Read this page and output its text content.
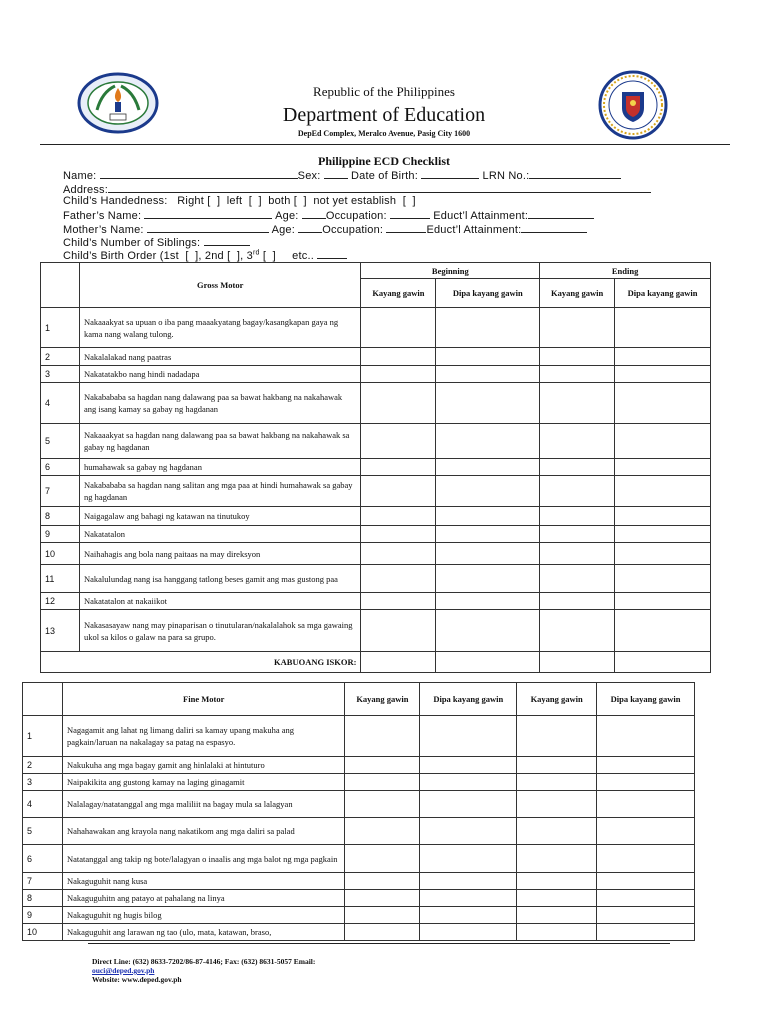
Republic of the Philippines
Department of Education
DepEd Complex, Meralco Avenue, Pasig City 1600
Philippine ECD Checklist
Name:	Sex:	Date of Birth:	LRN No.:
Address:
Child’s Handedness: Right [  ] left  [  ] both [  ] not yet establish  [  ]
Father’s Name:	Age: Occupation:	Educt’l Attainment:
Mother’s Name:	Age: Occupation:	Educt’l Attainment:
Child’s Number of Siblings:
Child’s Birth Order (1st  [  ], 2nd [  ], 3rd [  ] etc..
	Gross Motor	Beginning		Ending	
		Kayang gawin	Dipa kayang gawin	Kayang gawin	Dipa kayang gawin
1	Nakaaakyat sa upuan o iba pang maaakyatang bagay/kasangkapan gaya ng kama nang walang tulong.				
2	Nakalalakad nang paatras				
3	Nakatatakbo nang hindi nadadapa				
4	Nakabababa sa hagdan nang dalawang paa sa bawat hakbang na nakahawak ang isang kamay sa gabay ng hagdanan				
5	Nakaaakyat sa hagdan nang dalawang paa sa bawat hakbang na nakahawak sa gabay ng hagdanan				
6	humahawak sa gabay ng hagdanan				
7	Nakabababa sa hagdan nang salitan ang mga paa at hindi humahawak sa gabay ng hagdanan				
8	Naigagalaw ang bahagi ng katawan na tinutukoy				
9	Nakatatalon				
10	Naihahagis ang bola nang paitaas na may direksyon				
11	Nakalulundag nang isa hanggang tatlong beses gamit ang mas gustong paa				
12	Nakatatalon at nakaiikot				
13	Nakasasayaw nang may pinaparisan o tinutularan/nakalalahok sa mga gawaing ukol sa kilos o galaw na para sa grupo.				
KABUOANG ISKOR:					
	Fine Motor	Kayang gawin	Dipa kayang gawin	Kayang gawin	Dipa kayang gawin
1	Nagagamit ang lahat ng limang daliri sa kamay upang makuha ang pagkain/laruan na nakalagay sa patag na espasyo.				
2	Nakukuha ang mga bagay gamit ang hinlalaki at hintuturo				
3	Naipakikita ang gustong kamay na laging ginagamit				
4	Nalalagay/natatanggal ang mga maliliit na bagay mula sa lalagyan				
5	Nahahawakan ang krayola nang nakatikom ang mga daliri sa palad				
6	Natatanggal ang takip ng bote/lalagyan o inaalis ang mga balot ng mga pagkain				
7	Nakaguguhit nang kusa				
8	Nakaguguhitn ang patayo at pahalang na linya				
9	Nakaguguhit ng hugis bilog				
10	Nakaguguhit ang larawan ng tao (ulo, mata, katawan, braso,				
Direct Line: (632) 8633-7202/86-87-4146; Fax: (632) 8631-5057 Email:
ouci@deped.gov.ph
Website: www.deped.gov.ph
